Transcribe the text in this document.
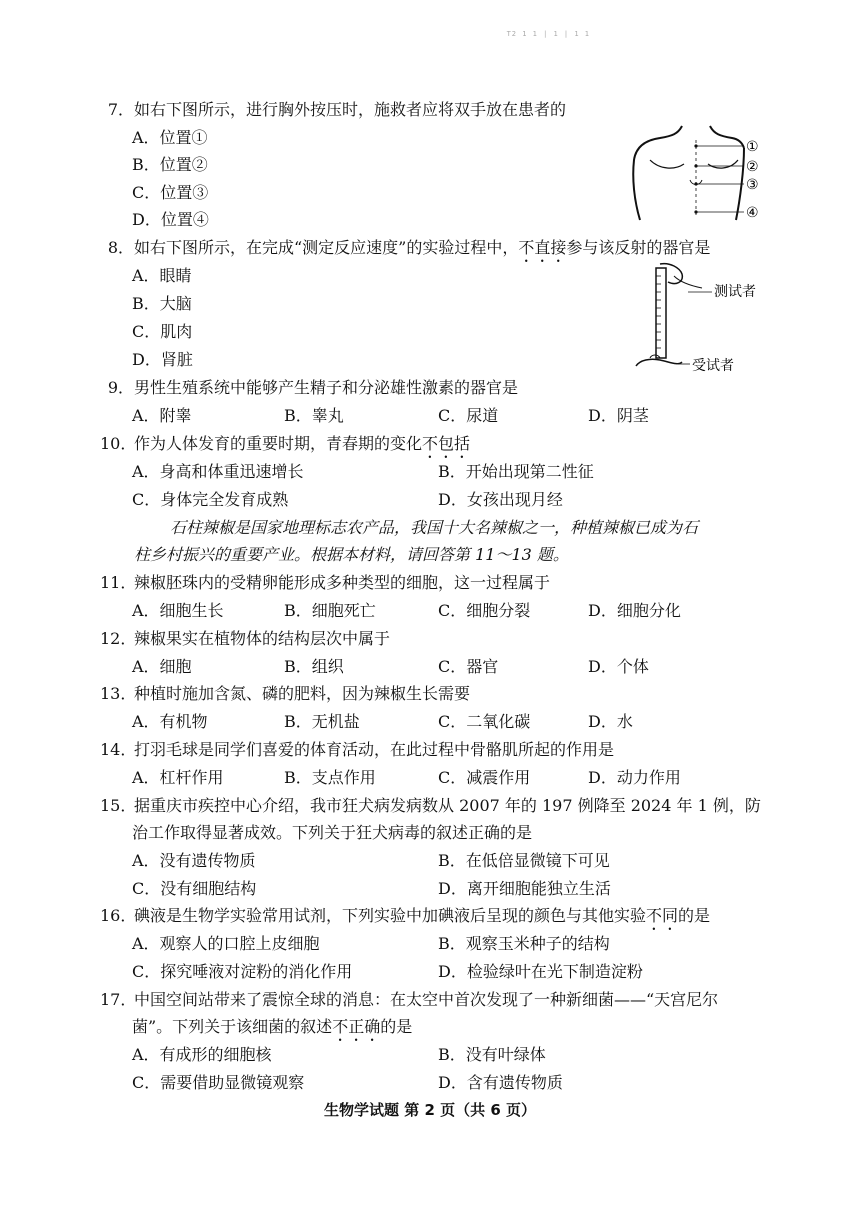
T2 1 1 | 1 | 1 1
7．如右下图所示，进行胸外按压时，施救者应将双手放在患者的
A．位置①
B．位置②
C．位置③
D．位置④
①
②
③
④
8．如右下图所示，在完成“测定反应速度”的实验过程中，不直接参与该反射的器官是
A．眼睛
B．大脑
C．肌肉
D．肾脏
测试者
受试者
9．男性生殖系统中能够产生精子和分泌雄性激素的器官是
A．附睾	B．睾丸	C．尿道	D．阴茎
10．作为人体发育的重要时期，青春期的变化不包括
A．身高和体重迅速增长	B．开始出现第二性征
C．身体完全发育成熟	D．女孩出现月经
石柱辣椒是国家地理标志农产品，我国十大名辣椒之一，种植辣椒已成为石
柱乡村振兴的重要产业。根据本材料，请回答第 11～13 题。
11．辣椒胚珠内的受精卵能形成多种类型的细胞，这一过程属于
A．细胞生长	B．细胞死亡	C．细胞分裂	D．细胞分化
12．辣椒果实在植物体的结构层次中属于
A．细胞	B．组织	C．器官	D．个体
13．种植时施加含氮、磷的肥料，因为辣椒生长需要
A．有机物	B．无机盐	C．二氧化碳	D．水
14．打羽毛球是同学们喜爱的体育活动，在此过程中骨骼肌所起的作用是
A．杠杆作用	B．支点作用	C．减震作用	D．动力作用
15．据重庆市疾控中心介绍，我市狂犬病发病数从 2007 年的 197 例降至 2024 年 1 例，防
治工作取得显著成效。下列关于狂犬病毒的叙述正确的是
A．没有遗传物质	B．在低倍显微镜下可见
C．没有细胞结构	D．离开细胞能独立生活
16．碘液是生物学实验常用试剂，下列实验中加碘液后呈现的颜色与其他实验不同的是
A．观察人的口腔上皮细胞	B．观察玉米种子的结构
C．探究唾液对淀粉的消化作用	D．检验绿叶在光下制造淀粉
17．中国空间站带来了震惊全球的消息：在太空中首次发现了一种新细菌——“天宫尼尔
菌”。下列关于该细菌的叙述不正确的是
A．有成形的细胞核	B．没有叶绿体
C．需要借助显微镜观察	D．含有遗传物质
生物学试题 第 2 页（共 6 页）
